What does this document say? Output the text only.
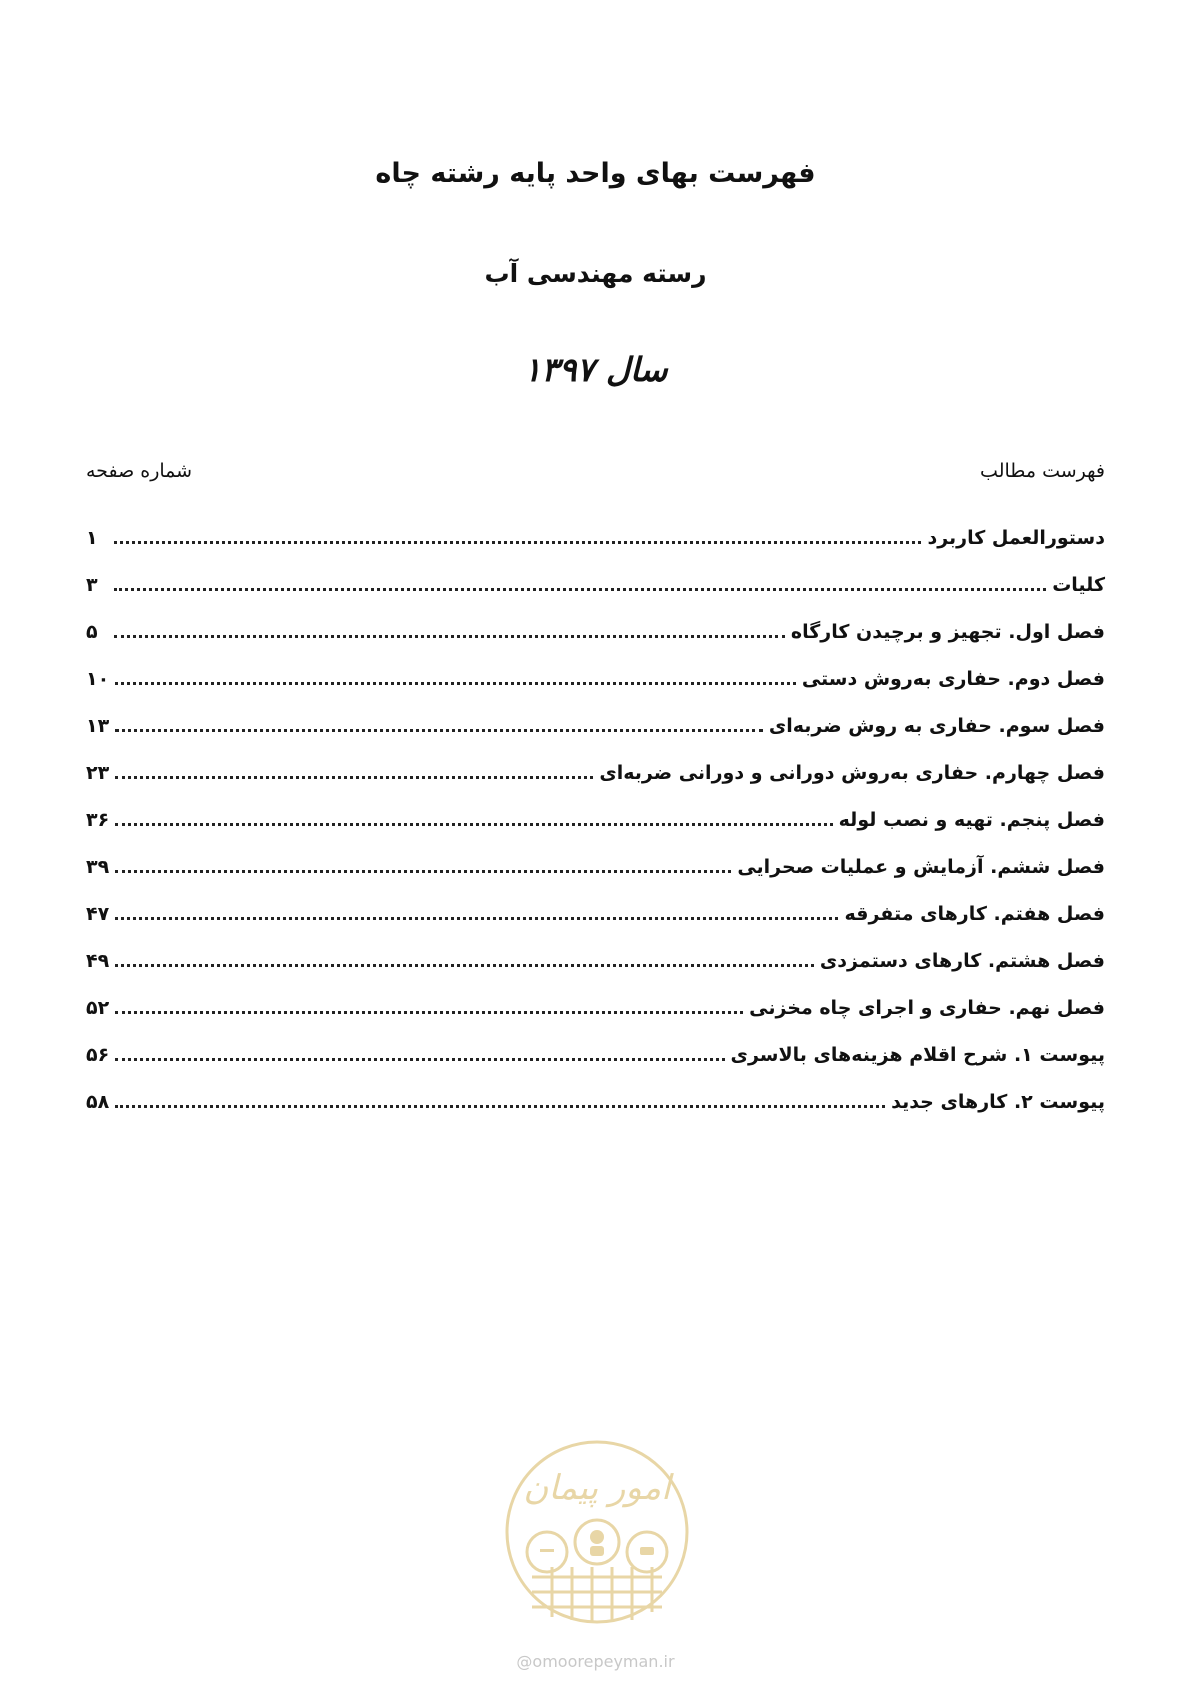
فهرست بهای واحد پایه رشته چاه
رسته مهندسی آب
سال ۱۳۹۷
فهرست مطالب
شماره صفحه
دستورالعمل کاربرد
۱
کلیات
۳
فصل اول. تجهیز و برچیدن کارگاه
۵
فصل دوم. حفاری به‌روش دستی
۱۰
فصل سوم. حفاری به روش ضربه‌ای
۱۳
فصل چهارم. حفاری به‌روش دورانی و دورانی ضربه‌ای
۲۳
فصل پنجم. تهیه و نصب لوله
۳۶
فصل ششم. آزمایش و عملیات صحرایی
۳۹
فصل هفتم. کارهای متفرقه
۴۷
فصل هشتم. کارهای دستمزدی
۴۹
فصل نهم. حفاری و اجرای چاه مخزنی
۵۲
پیوست ۱. شرح اقلام هزینه‌های بالاسری
۵۶
پیوست ۲. کارهای جدید
۵۸
امور پیمان
@omoorepeyman.ir
